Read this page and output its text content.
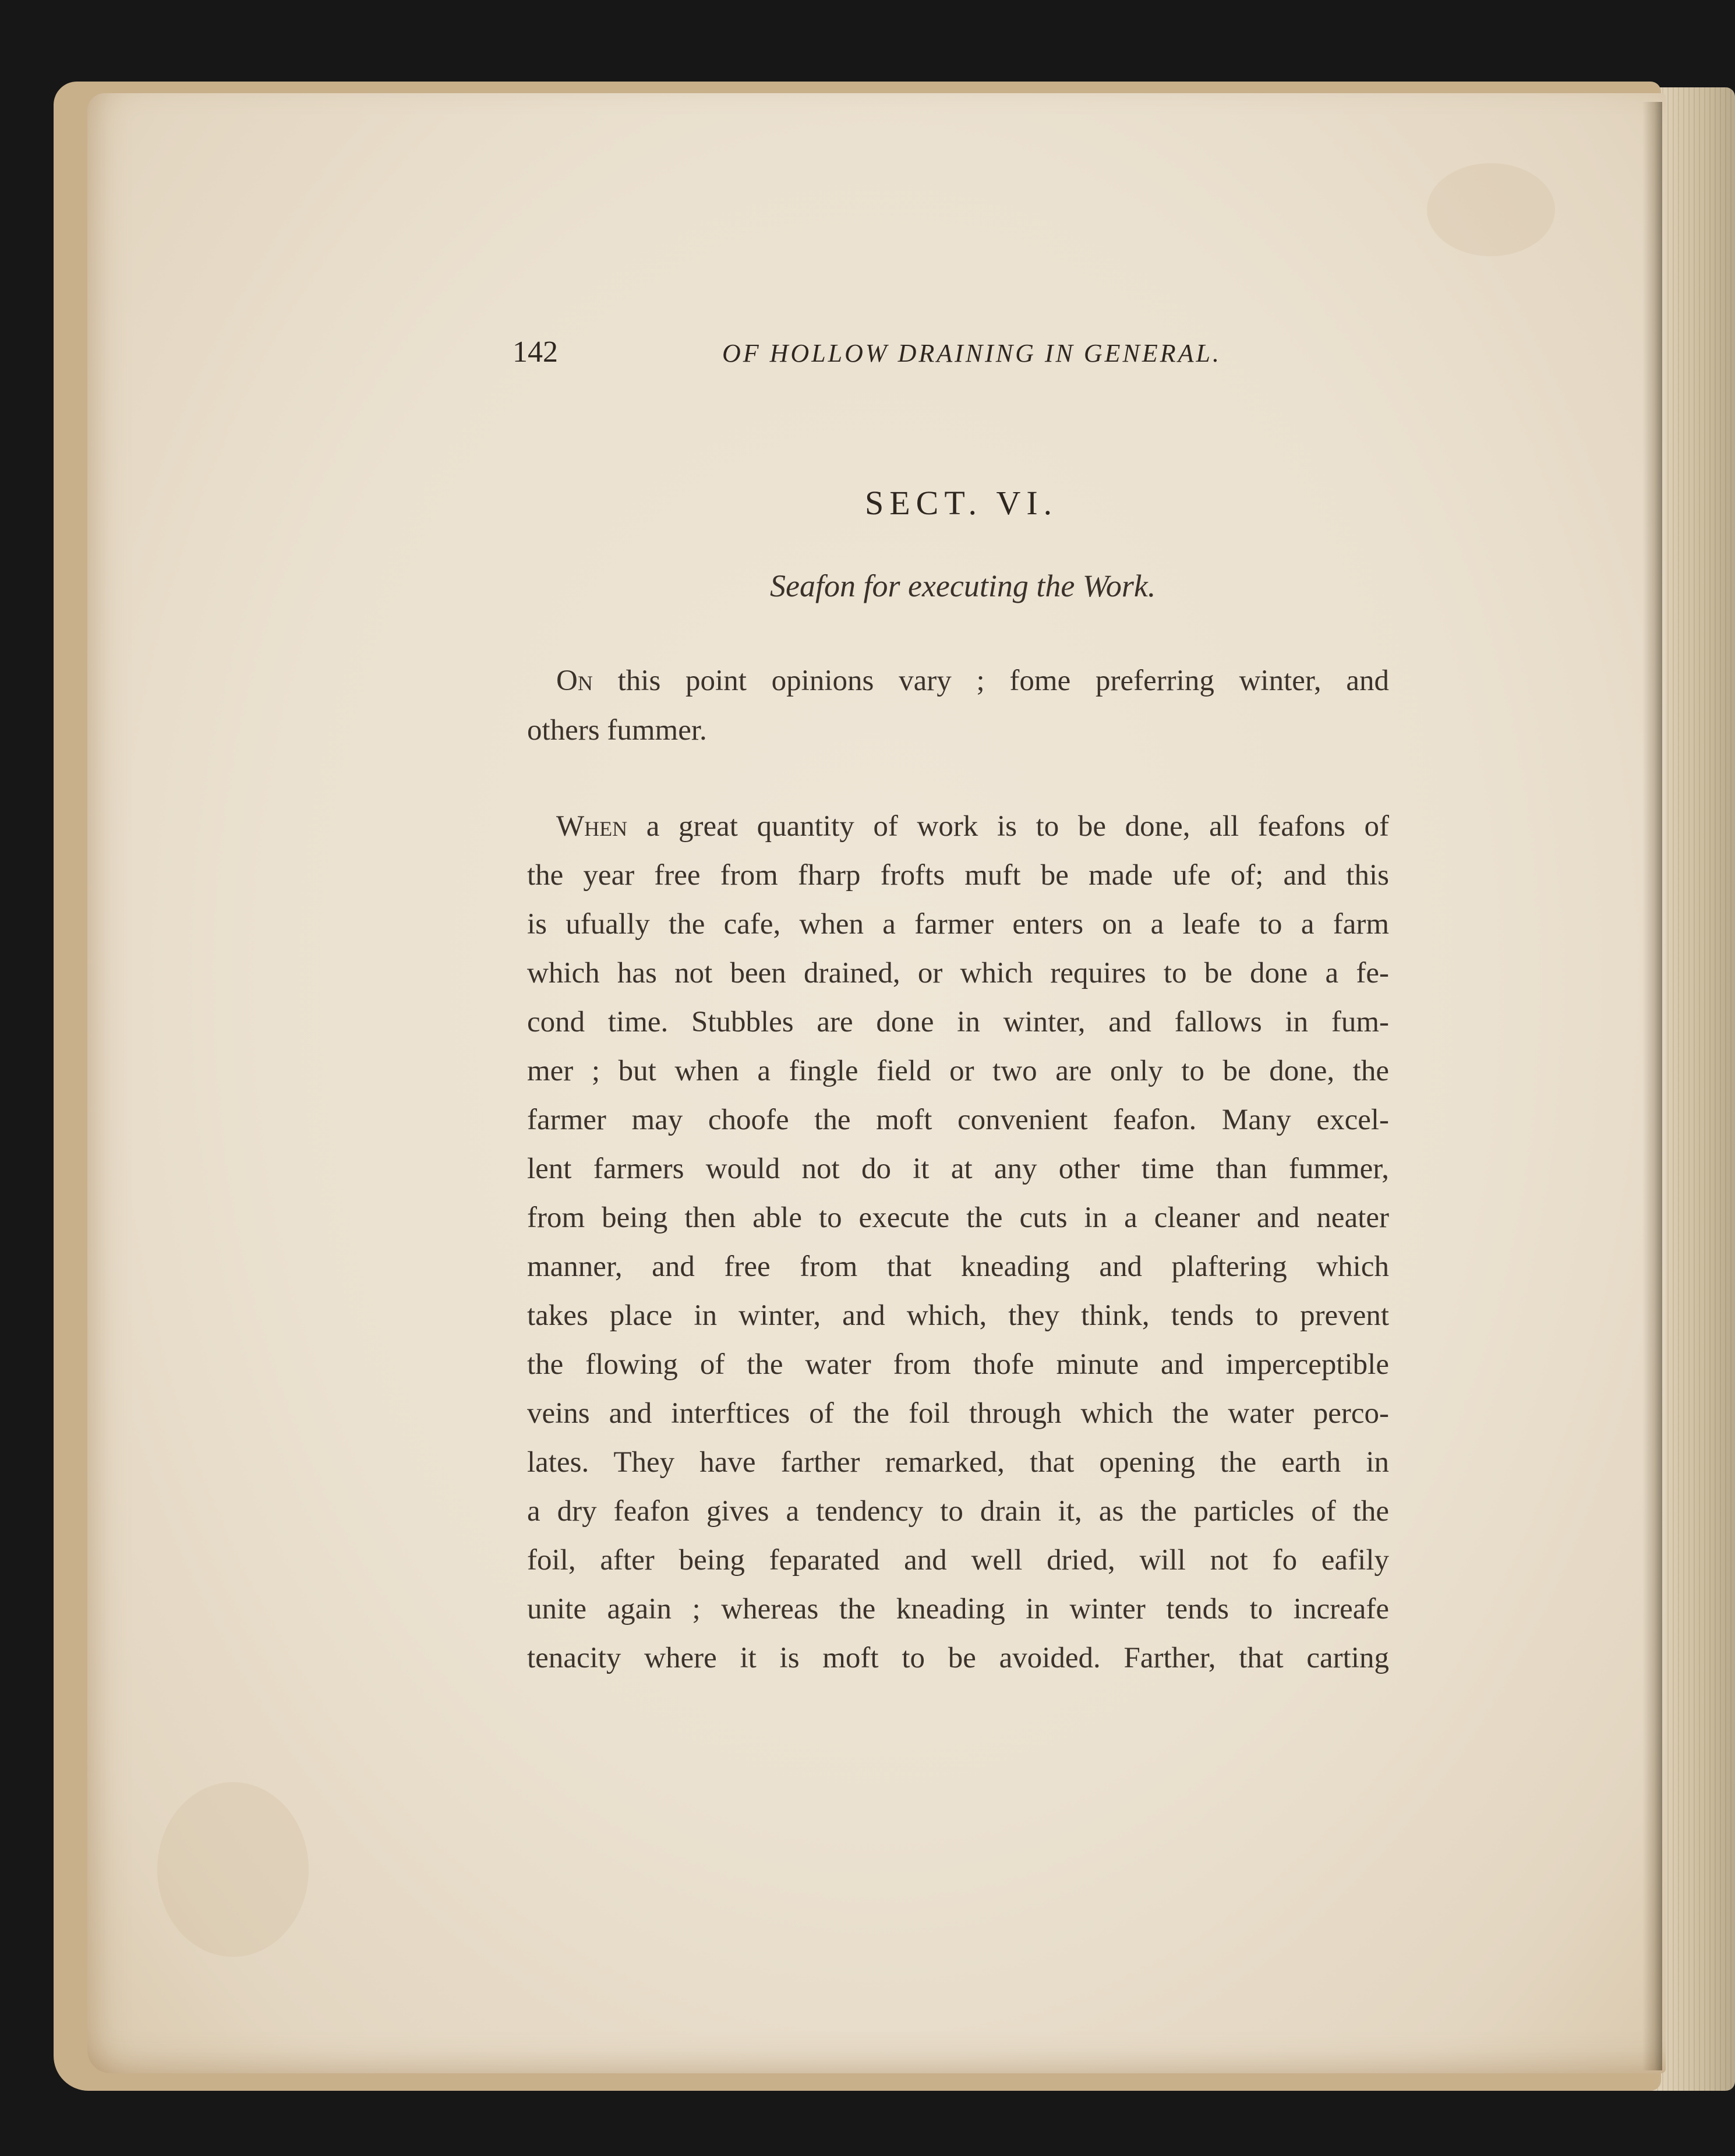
142	OF HOLLOW DRAINING IN GENERAL.
SECT. VI.
Seafon for executing the Work.
On this point opinions vary ; fome preferring winter, and
others fummer.
When a great quantity of work is to be done, all feafons of
the year free from fharp frofts muft be made ufe of; and this
is ufually the cafe, when a farmer enters on a leafe to a farm
which has not been drained, or which requires to be done a fe-
cond time. Stubbles are done in winter, and fallows in fum-
mer ; but when a fingle field or two are only to be done, the
farmer may choofe the moft convenient feafon. Many excel-
lent farmers would not do it at any other time than fummer,
from being then able to execute the cuts in a cleaner and neater
manner, and free from that kneading and plaftering which
takes place in winter, and which, they think, tends to prevent
the flowing of the water from thofe minute and imperceptible
veins and interftices of the foil through which the water perco-
lates. They have farther remarked, that opening the earth in
a dry feafon gives a tendency to drain it, as the particles of the
foil, after being feparated and well dried, will not fo eafily
unite again ; whereas the kneading in winter tends to increafe
tenacity where it is moft to be avoided. Farther, that carting
